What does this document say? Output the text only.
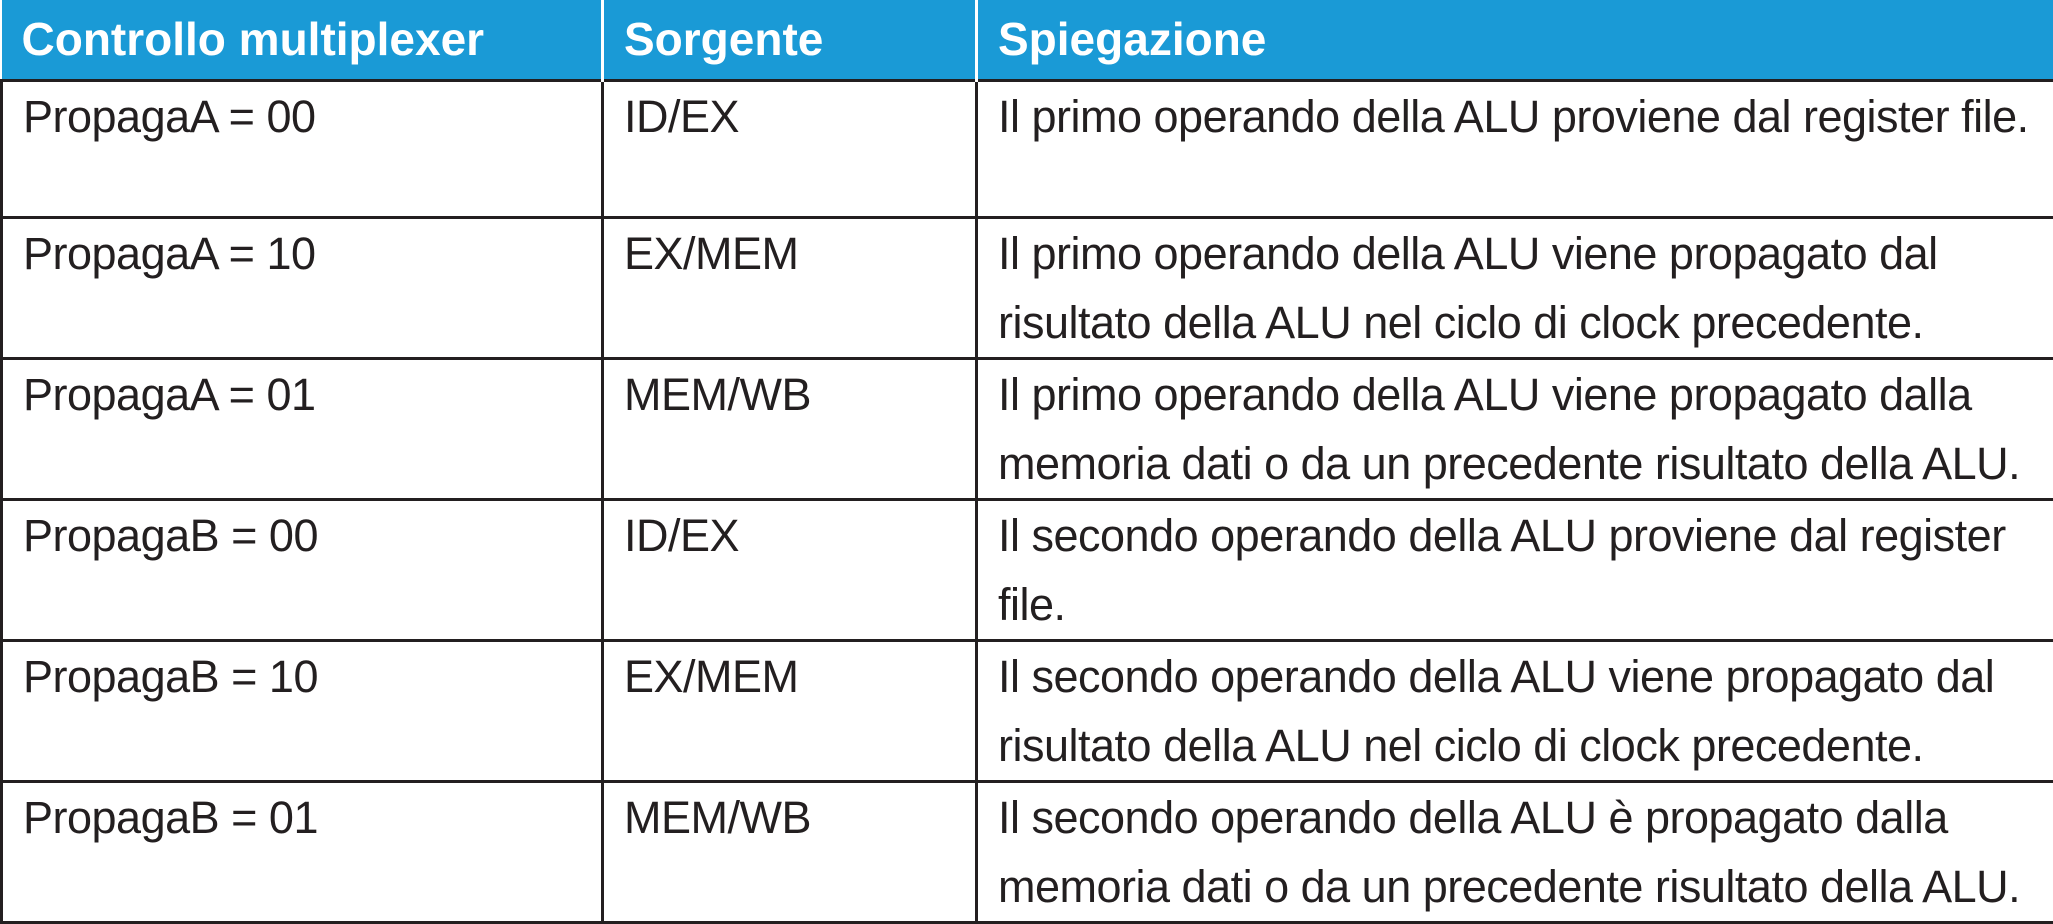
Controllo multiplexer	Sorgente	Spiegazione
PropagaA = 00	ID/EX	Il primo operando della ALU proviene dal register file.
PropagaA = 10	EX/MEM	Il primo operando della ALU viene propagato dal risultato della ALU nel ciclo di clock precedente.
PropagaA = 01	MEM/WB	Il primo operando della ALU viene propagato dalla memoria dati o da un precedente risultato della ALU.
PropagaB = 00	ID/EX	Il secondo operando della ALU proviene dal register file.
PropagaB = 10	EX/MEM	Il secondo operando della ALU viene propagato dal risultato della ALU nel ciclo di clock precedente.
PropagaB = 01	MEM/WB	Il secondo operando della ALU è propagato dalla memoria dati o da un precedente risultato della ALU.
